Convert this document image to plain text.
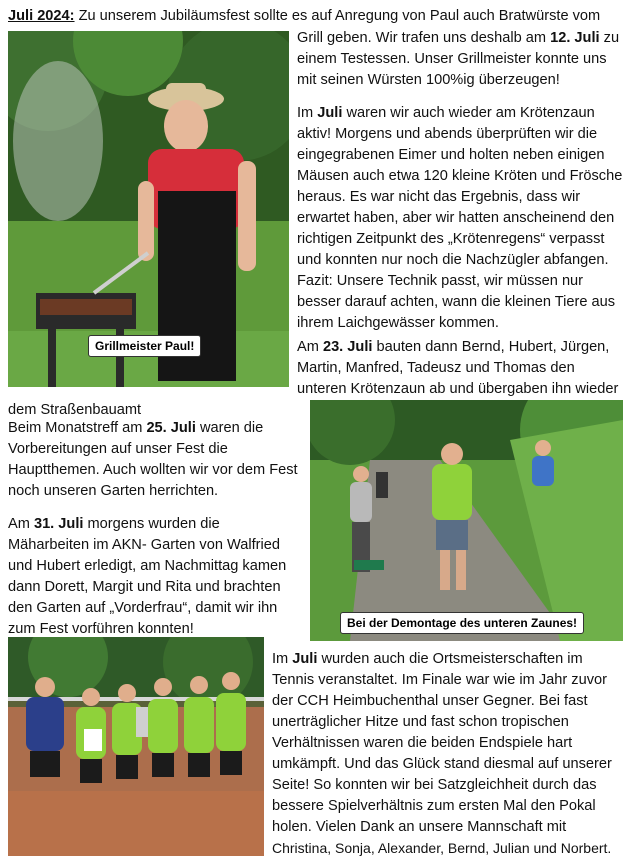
Juli 2024: Zu unserem Jubiläumsfest sollte es auf Anregung von Paul auch Bratwürste vom

Grill geben. Wir trafen uns deshalb am 12. Juli zu

einem Testessen. Unser Grillmeister konnte uns

mit seinen Würsten 100%ig überzeugen!

Grillmeister Paul!

Im Juli waren wir auch wieder am Krötenzaun

aktiv! Morgens und abends überprüften wir die

eingegrabenen Eimer und holten neben einigen

Mäusen auch etwa 120 kleine Kröten und Frösche

heraus. Es war nicht das Ergebnis, dass wir

erwartet haben, aber wir hatten anscheinend den

richtigen Zeitpunkt des „Krötenregens“ verpasst

und konnten nur noch die Nachzügler abfangen.

Fazit: Unsere Technik passt, wir müssen nur

besser darauf achten, wann die kleinen Tiere aus

ihrem Laichgewässer kommen.

Am 23. Juli bauten dann Bernd, Hubert, Jürgen,

Martin, Manfred, Tadeusz und Thomas den

unteren Krötenzaun ab und übergaben ihn wieder

dem Straßenbauamt

Beim Monatstreff am 25. Juli waren die

Vorbereitungen auf unser Fest die

Hauptthemen. Auch wollten wir vor dem Fest

noch unseren Garten herrichten.

Am 31. Juli morgens wurden die

Mäharbeiten im AKN- Garten von Walfried

und Hubert erledigt, am Nachmittag kamen

dann Dorett, Margit und Rita und brachten

den Garten auf „Vorderfrau“, damit wir ihn

zum Fest vorführen konnten!	Bei der Demontage des unteren Zaunes!

Im Juli wurden auch die Ortsmeisterschaften im

Tennis veranstaltet. Im Finale war wie im Jahr zuvor

der CCH Heimbuchenthal unser Gegner. Bei fast

unerträglicher Hitze und fast schon tropischen

Verhältnissen waren die beiden Endspiele hart

umkämpft. Und das Glück stand diesmal auf unserer

Seite! So konnten wir bei Satzgleichheit durch das

bessere Spielverhältnis zum ersten Mal den Pokal

holen. Vielen Dank an unsere Mannschaft mit

Christina, Sonja, Alexander, Bernd, Julian und Norbert.
